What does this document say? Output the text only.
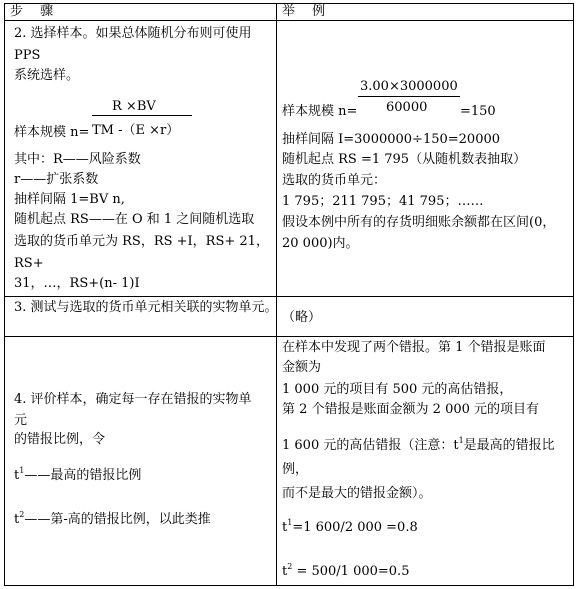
步　 骤	举　 例
2. 选择样本。如果总体随机分布则可使用
PPS
系统选样。
R ×BV
样本规模 n= TM -（E ×r）
其中：R——风险系数
r——扩张系数
抽样间隔 1=BV n,
随机起点 RS——在 O 和 1 之间随机选取
选取的货币单元为 RS，RS +I，RS+ 21，
RS+
31，…，RS+(n- 1)I
3.00×3000000
60000
样本规模 n=	=150
抽样间隔 I=3000000÷150=20000
随机起点 RS =1 795（从随机数表抽取）
选取的货币单元：
1 795；211 795；41 795；……
假设本例中所有的存货明细账余额都在区间(0，
20 000)内。
3. 测试与选取的货币单元相关联的实物单元。
（略）
4. 评价样本，确定每一存在错报的实物单
元
的错报比例，令
$t^1——$最高的错报比例
$t^2——$第-高的错报比例，以此类推
在样本中发现了两个错报。第 1 个错报是账面
金额为
1 000 元的项目有 500 元的高估错报，
第 2 个错报是账面金额为 2 000 元的项目有
1 600 元的高估错报（注意：$t^1$是最高的错报比
例，
而不是最大的错报金额）。
$t^1=1$ 600/2 000 =0.8
$t^2 = 500/1$ 000=0.5
